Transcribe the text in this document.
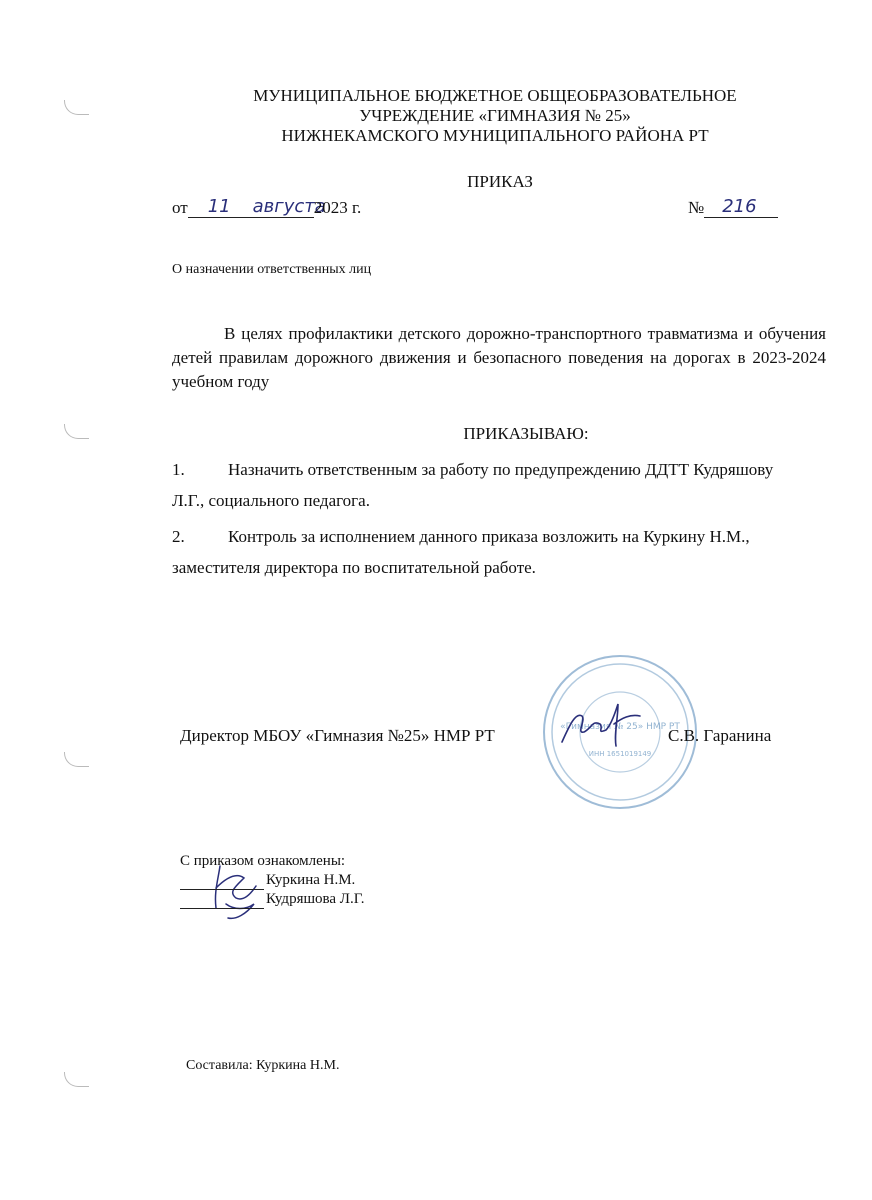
МУНИЦИПАЛЬНОЕ БЮДЖЕТНОЕ ОБЩЕОБРАЗОВАТЕЛЬНОЕ
УЧРЕЖДЕНИЕ «ГИМНАЗИЯ № 25»
НИЖНЕКАМСКОГО МУНИЦИПАЛЬНОГО РАЙОНА РТ
ПРИКАЗ
от 11 августа2023 г.	№ 216
О назначении ответственных лиц
В целях профилактики детского дорожно-транспортного травматизма и обучения детей правилам дорожного движения и безопасного поведения на дорогах в 2023-2024 учебном году
ПРИКАЗЫВАЮ:
1.	Назначить ответственным за работу по предупреждению ДДТТ Кудряшову
Л.Г., социального педагога.
2.	Контроль за исполнением данного приказа возложить на Куркину Н.М.,
заместителя директора по воспитательной работе.
«Гимназия № 25» НМР РТ
ИНН 1651019149
Директор МБОУ «Гимназия №25» НМР РТ	С.В. Гаранина
С приказом ознакомлены:
Куркина Н.М.
Кудряшова Л.Г.
Составила: Куркина Н.М.
